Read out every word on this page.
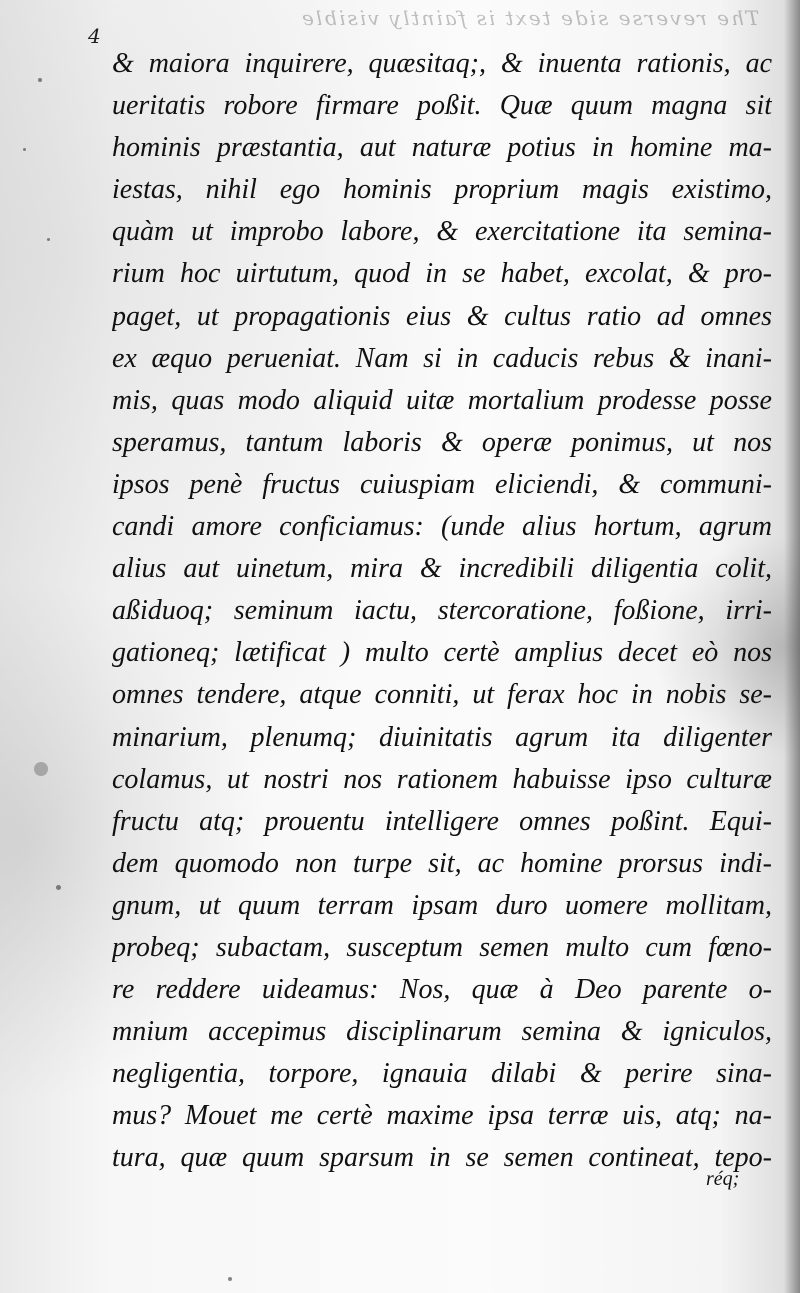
The reverse side text is faintly visible
4
& maiora inquirere, quæsitaq;, & inuenta rationis, ac
ueritatis robore firmare poßit. Quæ quum magna sit
hominis præstantia, aut naturæ potius in homine ma-
iestas, nihil ego hominis proprium magis existimo,
quàm ut improbo labore, & exercitatione ita semina-
rium hoc uirtutum, quod in se habet, excolat, & pro-
paget, ut propagationis eius & cultus ratio ad omnes
ex æquo perueniat. Nam si in caducis rebus & inani-
mis, quas modo aliquid uitæ mortalium prodesse posse
speramus, tantum laboris & operæ ponimus, ut nos
ipsos penè fructus cuiuspiam eliciendi, & communi-
candi amore conficiamus: (unde alius hortum, agrum
alius aut uinetum, mira & incredibili diligentia colit,
aßiduoq; seminum iactu, stercoratione, foßione, irri-
gationeq; lætificat ) multo certè amplius decet eò nos
omnes tendere, atque conniti, ut ferax hoc in nobis se-
minarium, plenumq; diuinitatis agrum ita diligenter
colamus, ut nostri nos rationem habuisse ipso culturæ
fructu atq; prouentu intelligere omnes poßint. Equi-
dem quomodo non turpe sit, ac homine prorsus indi-
gnum, ut quum terram ipsam duro uomere mollitam,
probeq; subactam, susceptum semen multo cum fœno-
re reddere uideamus: Nos, quæ à Deo parente o-
mnium accepimus disciplinarum semina & igniculos,
negligentia, torpore, ignauia dilabi & perire sina-
mus? Mouet me certè maxime ipsa terræ uis, atq; na-
tura, quæ quum sparsum in se semen contineat, tepo-
réq;
